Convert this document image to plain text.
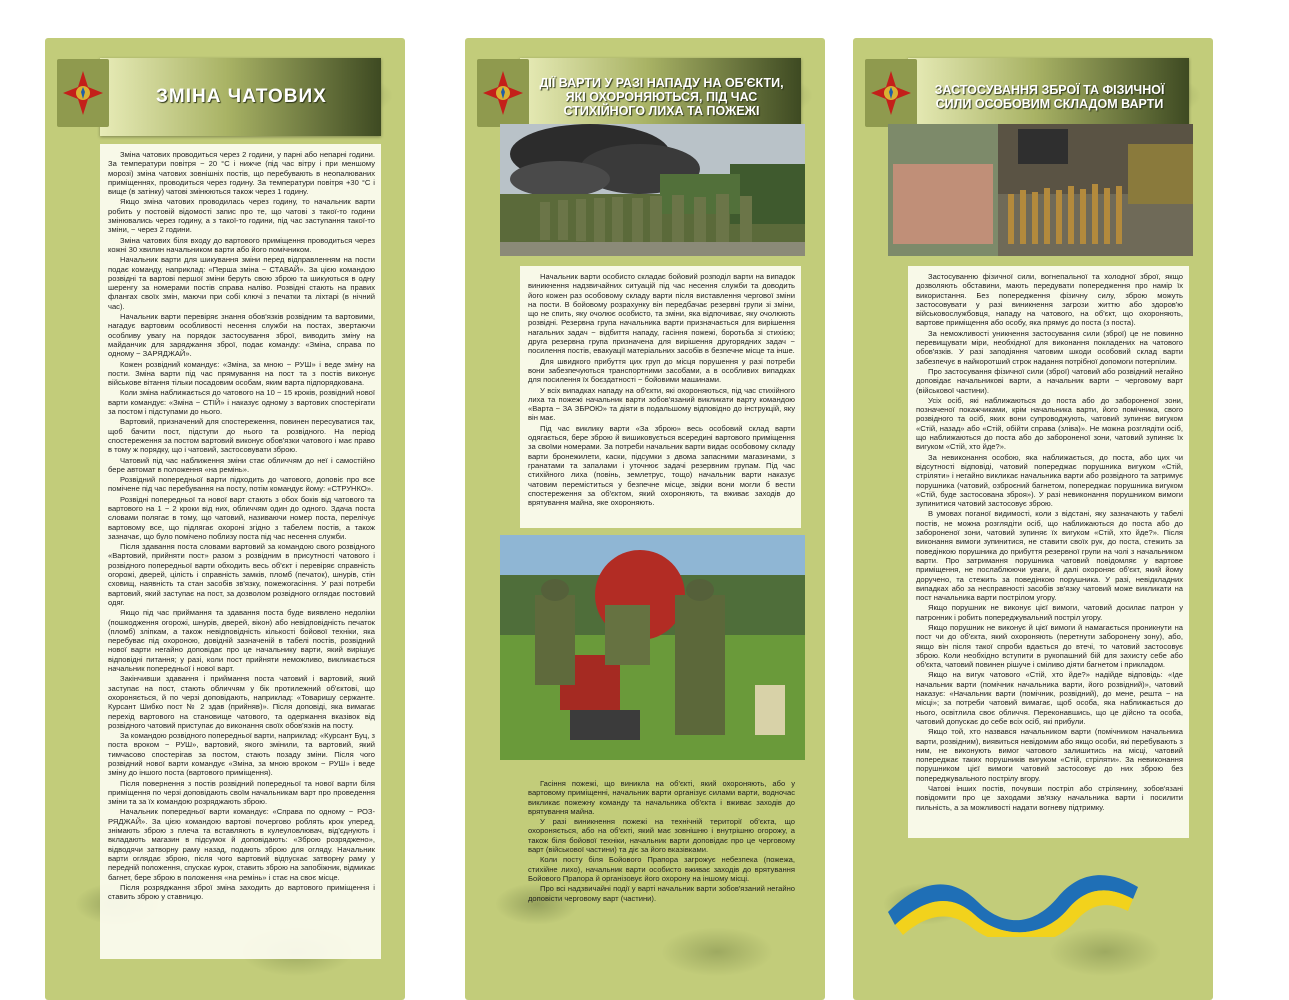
ЗМІНА ЧАТОВИХ

Зміна чатових проводиться через 2 години, у парні або непарні години. За температури повітря − 20 °С і нижче (під час вітру і при меншому морозі) зміна чатових зовнішніх постів, що перебувають в неопалюваних приміщеннях, проводиться через годину. За температури повітря +30 °С і вище (в затінку) чатові змінюються також через 1 годину.

Якщо зміна чатових проводилась через годину, то начальник варти робить у постовій відомості запис про те, що чатові з такої-то години змінювались через годину, а з такої-то години, під час заступання такої-то зміни, − через 2 години.

Зміна чатових біля входу до вартового приміщення проводиться через кожні 30 хвилин начальником варти або його помічником.

Начальник варти для шикування зміни перед відправленням на пости подає команду, наприклад: «Перша зміна − СТАВАЙ». За цією командою розвідні та вартові першої зміни беруть свою зброю та шикуються в одну шеренгу за номерами постів справа наліво. Розвідні стають на правих флангах своїх змін, маючи при собі ключі з печатки та ліхтарі (в нічний час).

Начальник варти перевіряє знання обов'язків розвідним та вартовими, нагадує вартовим особливості несення служби на постах, звертаючи особливу увагу на порядок застосування зброї, виводить зміну на майданчик для заряджання зброї, подає команду: «Зміна, справа по одному − ЗАРЯДЖАЙ».

Кожен розвідний командує: «Зміна, за мною − РУШ» і веде зміну на пости. Зміна варти під час прямування на пост та з постів виконує військове вітання тільки посадовим особам, яким варта підпорядкована.

Коли зміна наближається до чатового на 10 − 15 кроків, розвідний нової варти командує: «Зміна − СТІЙ» і наказує одному з вартових спостерігати за постом і підступами до нього.

Вартовий, призначений для спостереження, повинен пересуватися так, щоб бачити пост, підступи до нього та розвідного. На період спостереження за постом вартовий виконує обов'язки чатового і має право в тому ж порядку, що і чатовий, застосовувати зброю.

Чатовий під час наближення зміни стає обличчям до неї і самостійно бере автомат в положення «на ремінь».

Розвідний попередньої варти підходить до чатового, доповіє про все помічене під час перебування на посту, потім командує йому: «СТРУНКО».

Розвідні попередньої та нової варт стають з обох боків від чатового та вартового на 1 − 2 кроки від них, обличчям один до одного. Здача поста словами полягає в тому, що чатовий, називаючи номер поста, перелічує вартовому все, що підлягає охороні згідно з табелем постів, а також зазначає, що було помічено поблизу поста під час несення служби.

Після здавання поста словами вартовий за командою свого розвідного «Вартовий, прийняти пост» разом з розвідним в присутності чатового і розвідного попередньої варти обходить весь об'єкт і перевіряє справність огорожі, дверей, цілість і справність замків, пломб (печаток), шнурів, стін сховищ, наявність та стан засобів зв'язку, пожежогасіння. У разі потреби вартовий, який заступає на пост, за дозволом розвідного оглядає постовий одяг.

Якщо під час приймання та здавання поста буде виявлено недоліки (пошкодження огорожі, шнурів, дверей, вікон) або невідповідність печаток (пломб) зліпкам, а також невідповідність кількості бойової техніки, яка перебуває під охороною, довідній зазначеній в табелі постів, розвідний нової варти негайно доповідає про це начальнику варти, який вирішує відповідні питання; у разі, коли пост прийняти неможливо, викликається начальник попередньої і нової варт.

Закінчивши здавання і приймання поста чатовий і вартовий, який заступає на пост, стають обличчям у бік протилежний об'єктові, що охороняється, й по черзі доповідають, наприклад: «Товаришу сержанте. Курсант Шибко пост № 2 здав (прийняв)». Після доповіді, яка вимагає перехід вартового на становище чатового, та одержання вказівок від розвідного чатовий приступає до виконання своїх обов'язків на посту.

За командою розвідного попередньої варти, наприклад: «Курсант Буц, з поста вроком − РУШ», вартовий, якого змінили, та вартовий, який тимчасово спостерігав за постом, стають позаду зміни. Після чого розвідний нової варти командує «Зміна, за мною вроком − РУШ» і веде зміну до іншого поста (вартового приміщення).

Після повернення з постів розвідний попередньої та нової варти біля приміщення по черзі доповідають своїм начальникам варт про проведення зміни та за їх командою розряджають зброю.

Начальник попередньої варти командує: «Справа по одному − РОЗ-РЯДЖАЙ». За цією командою вартові почергово роблять крок уперед, знімають зброю з плеча та вставляють в кулеуловлювач, від'єднують і вкладають магазин в підсумок й доповідають: «Зброю розряджено», відводячи затворну раму назад, подають зброю для огляду. Начальник варти оглядає зброю, після чого вартовий відпускає затворну раму у передній положення, спускає курок, ставить зброю на запобіжник, відмикає багнет, бере зброю в положення «на ремінь» і стає на своє місце.

Після розряджання зброї зміна заходить до вартового приміщення і ставить зброю у ставницю.

ДІЇ ВАРТИ У РАЗІ НАПАДУ НА ОБ'ЄКТИ, ЯКІ ОХОРОНЯЮТЬСЯ, ПІД ЧАС СТИХІЙНОГО ЛИХА ТА ПОЖЕЖІ

Начальник варти особисто складає бойовий розподіл варти на випадок виникнення надзвичайних ситуацій під час несення служби та доводить його кожен раз особовому складу варти після виставлення чергової зміни на пости. В бойовому розрахунку він передбачає резервні групи зі зміни, що не спить, яку очолює особисто, та зміни, яка відпочиває, яку очолюють розвідні. Резервна група начальника варти призначається для вирішення нагальних задач − відбиття нападу, гасіння пожежі, боротьба зі стихією; друга резервна група призначена для вирішення другорядних задач − посилення постів, евакуації матеріальних засобів в безпечне місце та інше.

Для швидкого прибуття цих груп до місця порушення у разі потреби вони забезпечуються транспортними засобами, а в особливих випадках для посилення їх боєздатності − бойовими машинами.

У всіх випадках нападу на об'єкти, які охороняються, під час стихійного лиха та пожежі начальник варти зобов'язаний викликати варту командою «Варта − ЗА ЗБРОЮ» та діяти в подальшому відповідно до інструкцій, яку він має.

Під час виклику варти «За зброю» весь особовий склад варти одягається, бере зброю й вишиковується всередині вартового приміщення за своїми номерами. За потреби начальник варти видає особовому складу варти бронежилети, каски, підсумки з двома запасними магазинами, з гранатами та запалами і уточнює задачі резервним групам. Під час стихійного лиха (повінь, землетрус, тощо) начальник варти наказує чатовим переміститься у безпечне місце, звідки вони могли б вести спостереження за об'єктом, який охороняють, та вживає заходів до врятування майна, яке охороняють.

Гасіння пожежі, що виникла на об'єкті, який охороняють, або у вартовому приміщенні, начальник варти організує силами варти, водночас викликає пожежну команду та начальника об'єкта і вживає заходів до врятування майна.

У разі виникнення пожежі на технічній території об'єкта, що охороняється, або на об'єкті, який має зовнішню і внутрішню огорожу, а також біля бойової техніки, начальник варти доповідає про це черговому варт (військової частини) та діє за його вказівками.

Коли посту біля Бойового Прапора загрожує небезпека (пожежа, стихійне лихо), начальник варти особисто вживає заходів до врятування Бойового Прапора й організовує його охорону на іншому місці.

Про всі надзвичайні події у варті начальник варти зобов'язаний негайно доповісти черговому варт (частини).

ЗАСТОСУВАННЯ ЗБРОЇ ТА ФІЗИЧНОЇ СИЛИ ОСОБОВИМ СКЛАДОМ ВАРТИ

Застосуванню фізичної сили, вогнепальної та холодної зброї, якщо дозволяють обставини, мають передувати попередження про намір їх використання. Без попередження фізичну силу, зброю можуть застосовувати у разі виникнення загрози життю або здоров'ю військовослужбовця, нападу на чатового, на об'єкт, що охороняють, вартове приміщення або особу, яка прямує до поста (з поста).

За неможливості уникнення застосування сили (зброї) це не повинно перевищувати міри, необхідної для виконання покладених на чатового обов'язків. У разі заподіяння чатовим шкоди особовий склад варти забезпечує в найкоротший строк надання потрібної допомоги потерпілим.

Про застосування фізичної сили (зброї) чатовий або розвідний негайно доповідає начальникові варти, а начальник варти − черговому варт (військової частини).

Усіх осіб, які наближаються до поста або до забороненої зони, позначеної покажчиками, крім начальника варти, його помічника, свого розвідного та осіб, яких вони супроводжують, чатовий зупиняє вигуком «Стій, назад» або «Стій, обійти справа (зліва)». Не можна розглядіти осіб, що наближаються до поста або до забороненої зони, чатовий зупиняє їх вигуком «Стій, хто йде?».

За невиконання особою, яка наближається, до поста, або цих чи відсутності відповіді, чатовий попереджає порушника вигуком «Стій, стріляти» і негайно викликає начальника варти або розвідного та затримує порушника (чатовий, озброєний багнетом, попереджає порушника вигуком «Стій, буде застосована зброя»). У разі невиконання порушником вимоги зупинитися чатовий застосовує зброю.

В умовах поганої видимості, коли з відстані, яку зазначають у табелі постів, не можна розглядіти осіб, що наближаються до поста або до забороненої зони, чатовий зупиняє їх вигуком «Стій, хто йде?». Після виконання вимоги зупинитися, не ставити своїх рук, до поста, стежить за поведінкою порушника до прибуття резервної групи на чолі з начальником варти. Про затримання порушника чатовий повідомляє у вартове приміщення, не послаблюючи уваги, й далі охороняє об'єкт, який йому доручено, та стежить за поведінкою порушника. У разі, невідкладних випадках або за несправності засобів зв'язку чатовий може викликати на пост начальника варти пострілом угору.

Якщо порушник не виконує цієї вимоги, чатовий досилає патрон у патронник і робить попереджувальний постріл угору.

Якщо порушник не виконує й цієї вимоги й намагається проникнути на пост чи до об'єкта, який охороняють (перетнути заборонену зону), або, якщо він після такої спроби вдається до втечі, то чатовий застосовує зброю. Коли необхідно вступити в рукопашний бій для захисту себе або об'єкта, чатовий повинен рішуче і сміливо діяти багнетом і прикладом.

Якщо на вигук чатового «Стій, хто йде?» надійде відповідь: «Іде начальник варти (помічник начальника варти, його розвідний)», чатовий наказує: «Начальник варти (помічник, розвідний), до мене, решта − на місці»; за потреби чатовий вимагає, щоб особа, яка наближається до нього, освітлила своє обличчя. Переконавшись, що це дійсно та особа, чатовий допускає до себе всіх осіб, які прибули.

Якщо той, хто назвався начальником варти (помічником начальника варти, розвідним), виявиться невідомим або якщо особи, які перебувають з ним, не виконують вимог чатового залишитись на місці, чатовий попереджає таких порушників вигуком «Стій, стріляти». За невиконання порушником цієї вимоги чатовий застосовує до них зброю без попереджувального пострілу вгору.

Чатові інших постів, почувши постріл або стрілянину, зобов'язані повідомити про це заходами зв'язку начальника варти і посилити пильність, а за можливості надати вогневу підтримку.
